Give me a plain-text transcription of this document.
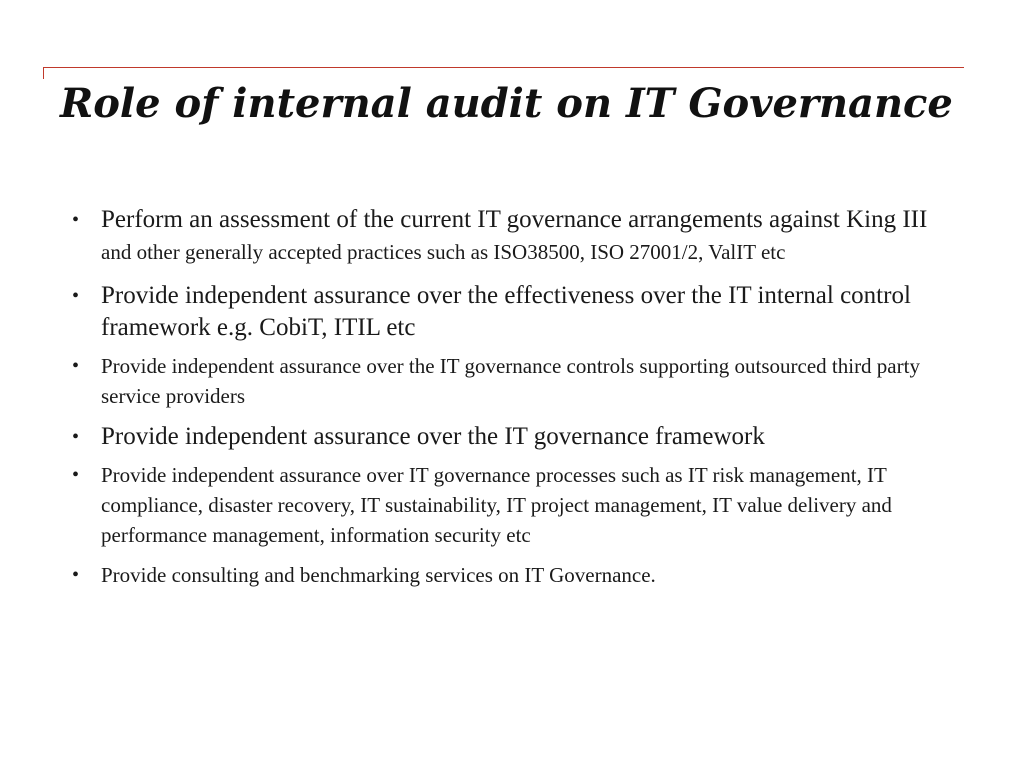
Role of internal audit on IT Governance
• Perform an assessment of the current IT governance arrangements against King III and other generally accepted practices such as ISO38500, ISO 27001/2, ValIT etc
• Provide independent assurance over the effectiveness over the IT internal control framework e.g. CobiT, ITIL etc
• Provide independent assurance over the IT governance controls supporting outsourced third party service providers
• Provide independent assurance over the IT governance framework
• Provide independent assurance over IT governance processes such as IT risk management, IT compliance, disaster recovery, IT sustainability, IT project management, IT value delivery and performance management, information security etc
• Provide consulting and benchmarking services on IT Governance.
